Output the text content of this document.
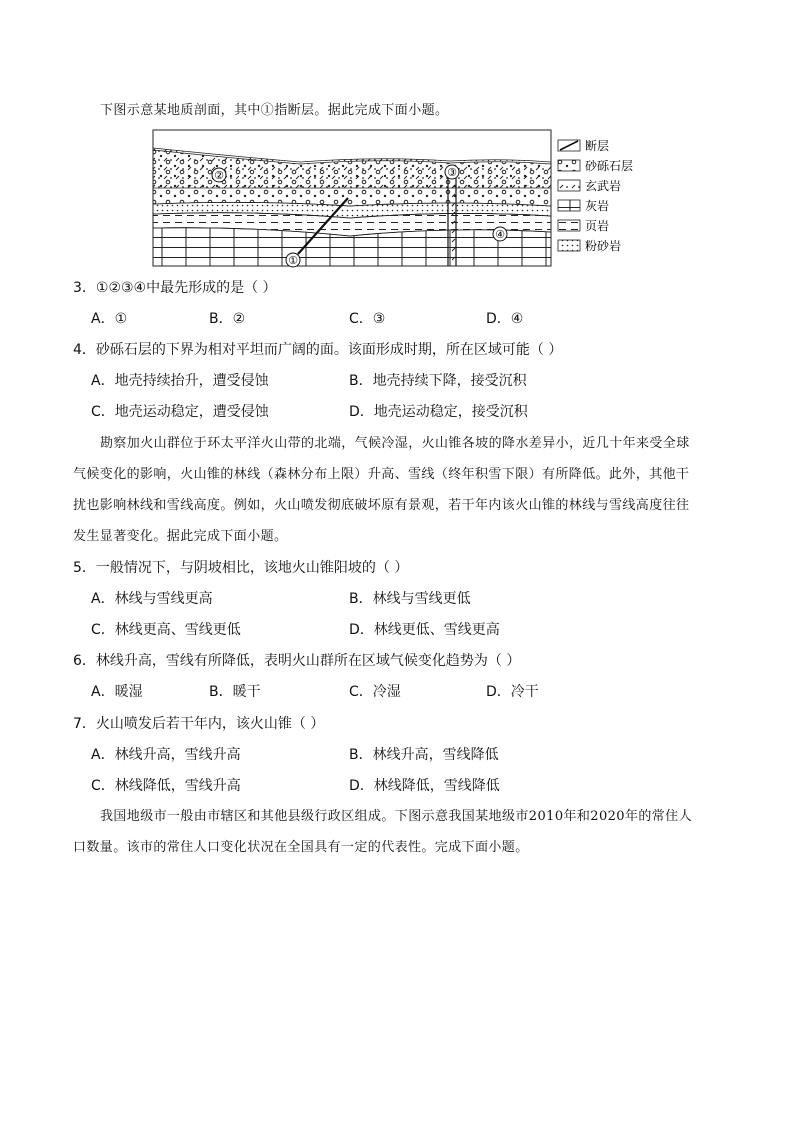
下图示意某地质剖面，其中①指断层。据此完成下面小题。
②
①
③
④
断层
砂砾石层
玄武岩
灰岩
页岩
粉砂岩
3．①②③④中最先形成的是（ ）
A．①	B．②	C．③	D．④
4．砂砾石层的下界为相对平坦而广阔的面。该面形成时期，所在区域可能（ ）
A．地壳持续抬升，遭受侵蚀	B．地壳持续下降，接受沉积
C．地壳运动稳定，遭受侵蚀	D．地壳运动稳定，接受沉积
勘察加火山群位于环太平洋火山带的北端，气候冷湿，火山锥各坡的降水差异小，近几十年来受全球
气候变化的影响，火山锥的林线（森林分布上限）升高、雪线（终年积雪下限）有所降低。此外，其他干
扰也影响林线和雪线高度。例如，火山喷发彻底破坏原有景观，若干年内该火山锥的林线与雪线高度往往
发生显著变化。据此完成下面小题。
5．一般情况下，与阴坡相比，该地火山锥阳坡的（ ）
A．林线与雪线更高	B．林线与雪线更低
C．林线更高、雪线更低	D．林线更低、雪线更高
6．林线升高，雪线有所降低，表明火山群所在区域气候变化趋势为（ ）
A．暖湿	B．暖干	C．冷湿	D．冷干
7．火山喷发后若干年内，该火山锥（ ）
A．林线升高，雪线升高	B．林线升高，雪线降低
C．林线降低，雪线升高	D．林线降低，雪线降低
我国地级市一般由市辖区和其他县级行政区组成。下图示意我国某地级市2010年和2020年的常住人
口数量。该市的常住人口变化状况在全国具有一定的代表性。完成下面小题。
